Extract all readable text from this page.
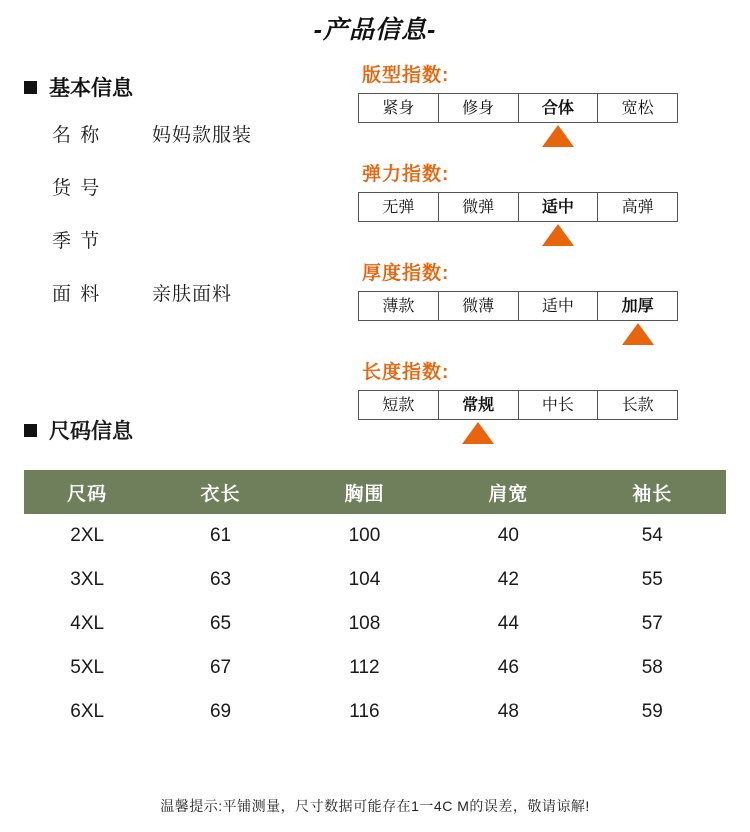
-产品信息-
基本信息
名 称	妈妈款服装
货 号
季 节
面 料	亲肤面料
版型指数:
紧身	修身	合体	宽松
弹力指数:
无弹	微弹	适中	高弹
厚度指数:
薄款	微薄	适中	加厚
长度指数:
短款	常规	中长	长款
尺码信息
尺码	衣长	胸围	肩宽	袖长
2XL	61	100	40	54
3XL	63	104	42	55
4XL	65	108	44	57
5XL	67	112	46	58
6XL	69	116	48	59
温馨提示:平铺测量，尺寸数据可能存在1一4C M的误差，敬请谅解!
